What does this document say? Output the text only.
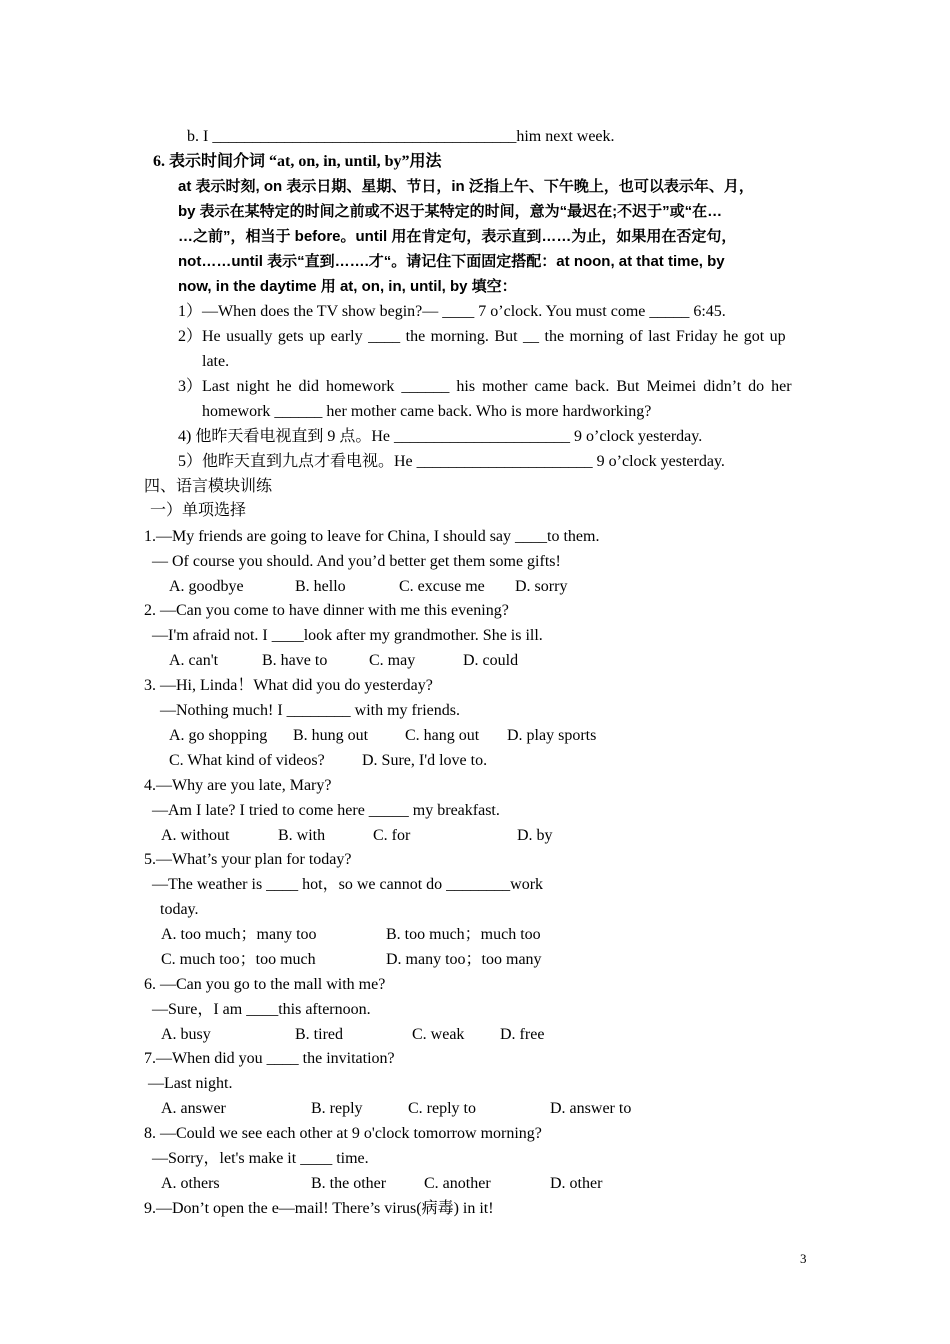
b. I ______________________________________him next week.
6. 表示时间介词 “at, on, in, until, by”用法
at 表示时刻, on 表示日期、星期、节日，in 泛指上午、下午晚上，也可以表示年、月，
by 表示在某特定的时间之前或不迟于某特定的时间，意为“最迟在;不迟于”或“在…
…之前”，相当于 before。until 用在肯定句，表示直到……为止，如果用在否定句，
not……until 表示“直到…….才“。请记住下面固定搭配：at noon, at that time, by
now, in the daytime 用 at, on, in, until, by 填空：
1）—When does the TV show begin?— ____ 7 o’clock. You must come _____ 6:45.
2）He usually gets up early ____ the morning. But __ the morning of last Friday he got up
late.
3）Last night he did homework ______ his mother came back. But Meimei didn’t do her
homework ______ her mother came back. Who is more hardworking?
4) 他昨天看电视直到 9 点。He ______________________ 9 o’clock yesterday.
5）他昨天直到九点才看电视。He ______________________ 9 o’clock yesterday.
四、语言模块训练
一）单项选择
1.—My friends are going to leave for China, I should say ____to them.
— Of course you should. And you’d better get them some gifts!
A. goodbye	B. hello	C. excuse me D. sorry
2. —Can you come to have dinner with me this evening?
—I'm afraid not. I ____look after my grandmother. She is ill.
A. can't	B. have to	C. may	D. could
3. —Hi, Linda！What did you do yesterday?
—Nothing much! I ________ with my friends.
A. go shopping B. hung out C. hang out D. play sports
C. What kind of videos? D. Sure, I'd love to.
4.—Why are you late, Mary?
—Am I late? I tried to come here _____ my breakfast.
A. without	B. with	C. for	D. by
5.—What’s your plan for today?
—The weather is ____ hot，so we cannot do ________work
today.
A. too much；many too	B. too much；much too
C. much too；too much	D. many too；too many
6. —Can you go to the mall with me?
—Sure，I am ____this afternoon.
A. busy	B. tired	C. weak D. free
7.—When did you ____ the invitation?
—Last night.
A. answer	B. reply	C. reply to	D. answer to
8. —Could we see each other at 9 o'clock tomorrow morning?
—Sorry，let's make it ____ time.
A. others	B. the other C. another	D. other
9.—Don’t open the e—mail! There’s virus(病毒) in it!
3
